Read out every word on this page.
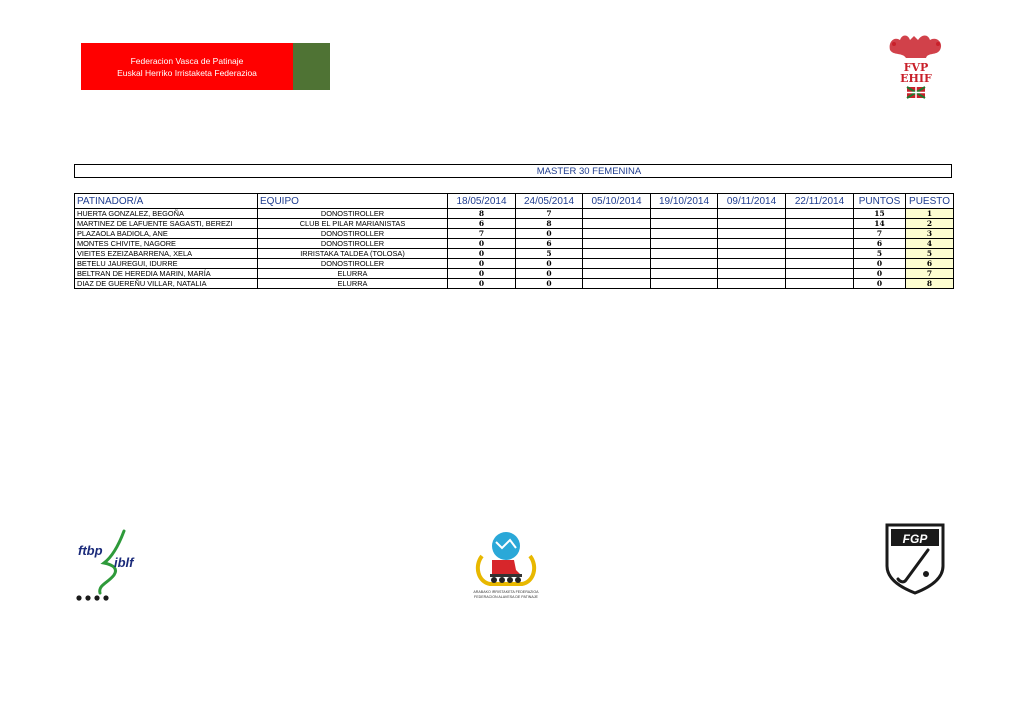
Federacion Vasca de Patinaje
Euskal Herriko Irristaketa Federazioa	FVP
EHIF
MASTER 30 FEMENINA
PATINADOR/A	EQUIPO	18/05/2014	24/05/2014	05/10/2014	19/10/2014	09/11/2014	22/11/2014	PUNTOS	PUESTO
HUERTA GONZALEZ, BEGOÑA	DONOSTIROLLER	8	7					15	1
MARTINEZ DE LAFUENTE SAGASTI, BEREZI	CLUB EL PILAR MARIANISTAS	6	8					14	2
PLAZAOLA BADIOLA, ANE	DONOSTIROLLER	7	0					7	3
MONTES CHIVITE, NAGORE	DONOSTIROLLER	0	6					6	4
VIEITES EZEIZABARRENA, XELA	IRRISTAKA TALDEA (TOLOSA)	0	5					5	5
BETELU JAUREGUI, IDURRE	DONOSTIROLLER	0	0					0	6
BELTRAN DE HEREDIA MARIN, MARÍA	ELURRA	0	0					0	7
DIAZ DE GUEREÑU VILLAR, NATALIA	ELURRA	0	0					0	8
ftbp
iblf
ARABAKO IRRISTAKETA FEDERAZIOA
FEDERACION ALAVESA DE PATINAJE
FGP
